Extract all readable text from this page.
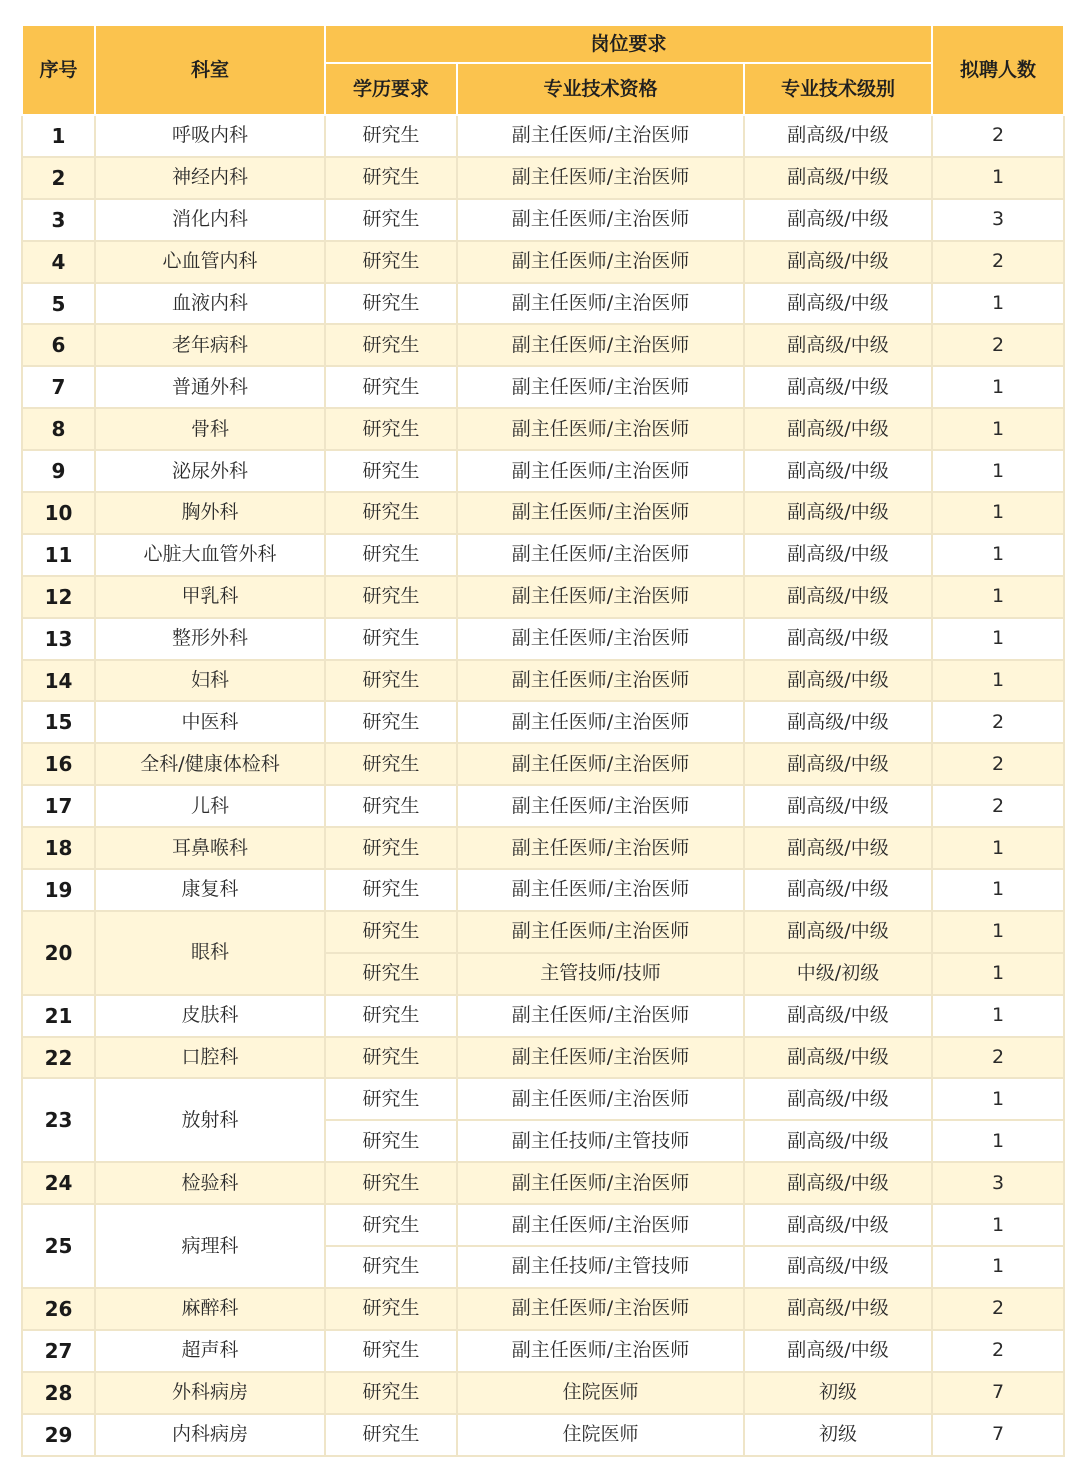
序号	科室	岗位要求			拟聘人数
		学历要求	专业技术资格	专业技术级别	
1	呼吸内科	研究生	副主任医师/主治医师	副高级/中级	2
2	神经内科	研究生	副主任医师/主治医师	副高级/中级	1
3	消化内科	研究生	副主任医师/主治医师	副高级/中级	3
4	心血管内科	研究生	副主任医师/主治医师	副高级/中级	2
5	血液内科	研究生	副主任医师/主治医师	副高级/中级	1
6	老年病科	研究生	副主任医师/主治医师	副高级/中级	2
7	普通外科	研究生	副主任医师/主治医师	副高级/中级	1
8	骨科	研究生	副主任医师/主治医师	副高级/中级	1
9	泌尿外科	研究生	副主任医师/主治医师	副高级/中级	1
10	胸外科	研究生	副主任医师/主治医师	副高级/中级	1
11	心脏大血管外科	研究生	副主任医师/主治医师	副高级/中级	1
12	甲乳科	研究生	副主任医师/主治医师	副高级/中级	1
13	整形外科	研究生	副主任医师/主治医师	副高级/中级	1
14	妇科	研究生	副主任医师/主治医师	副高级/中级	1
15	中医科	研究生	副主任医师/主治医师	副高级/中级	2
16	全科/健康体检科	研究生	副主任医师/主治医师	副高级/中级	2
17	儿科	研究生	副主任医师/主治医师	副高级/中级	2
18	耳鼻喉科	研究生	副主任医师/主治医师	副高级/中级	1
19	康复科	研究生	副主任医师/主治医师	副高级/中级	1
20	眼科	研究生	副主任医师/主治医师	副高级/中级	1
		研究生	主管技师/技师	中级/初级	1
21	皮肤科	研究生	副主任医师/主治医师	副高级/中级	1
22	口腔科	研究生	副主任医师/主治医师	副高级/中级	2
23	放射科	研究生	副主任医师/主治医师	副高级/中级	1
		研究生	副主任技师/主管技师	副高级/中级	1
24	检验科	研究生	副主任医师/主治医师	副高级/中级	3
25	病理科	研究生	副主任医师/主治医师	副高级/中级	1
		研究生	副主任技师/主管技师	副高级/中级	1
26	麻醉科	研究生	副主任医师/主治医师	副高级/中级	2
27	超声科	研究生	副主任医师/主治医师	副高级/中级	2
28	外科病房	研究生	住院医师	初级	7
29	内科病房	研究生	住院医师	初级	7
